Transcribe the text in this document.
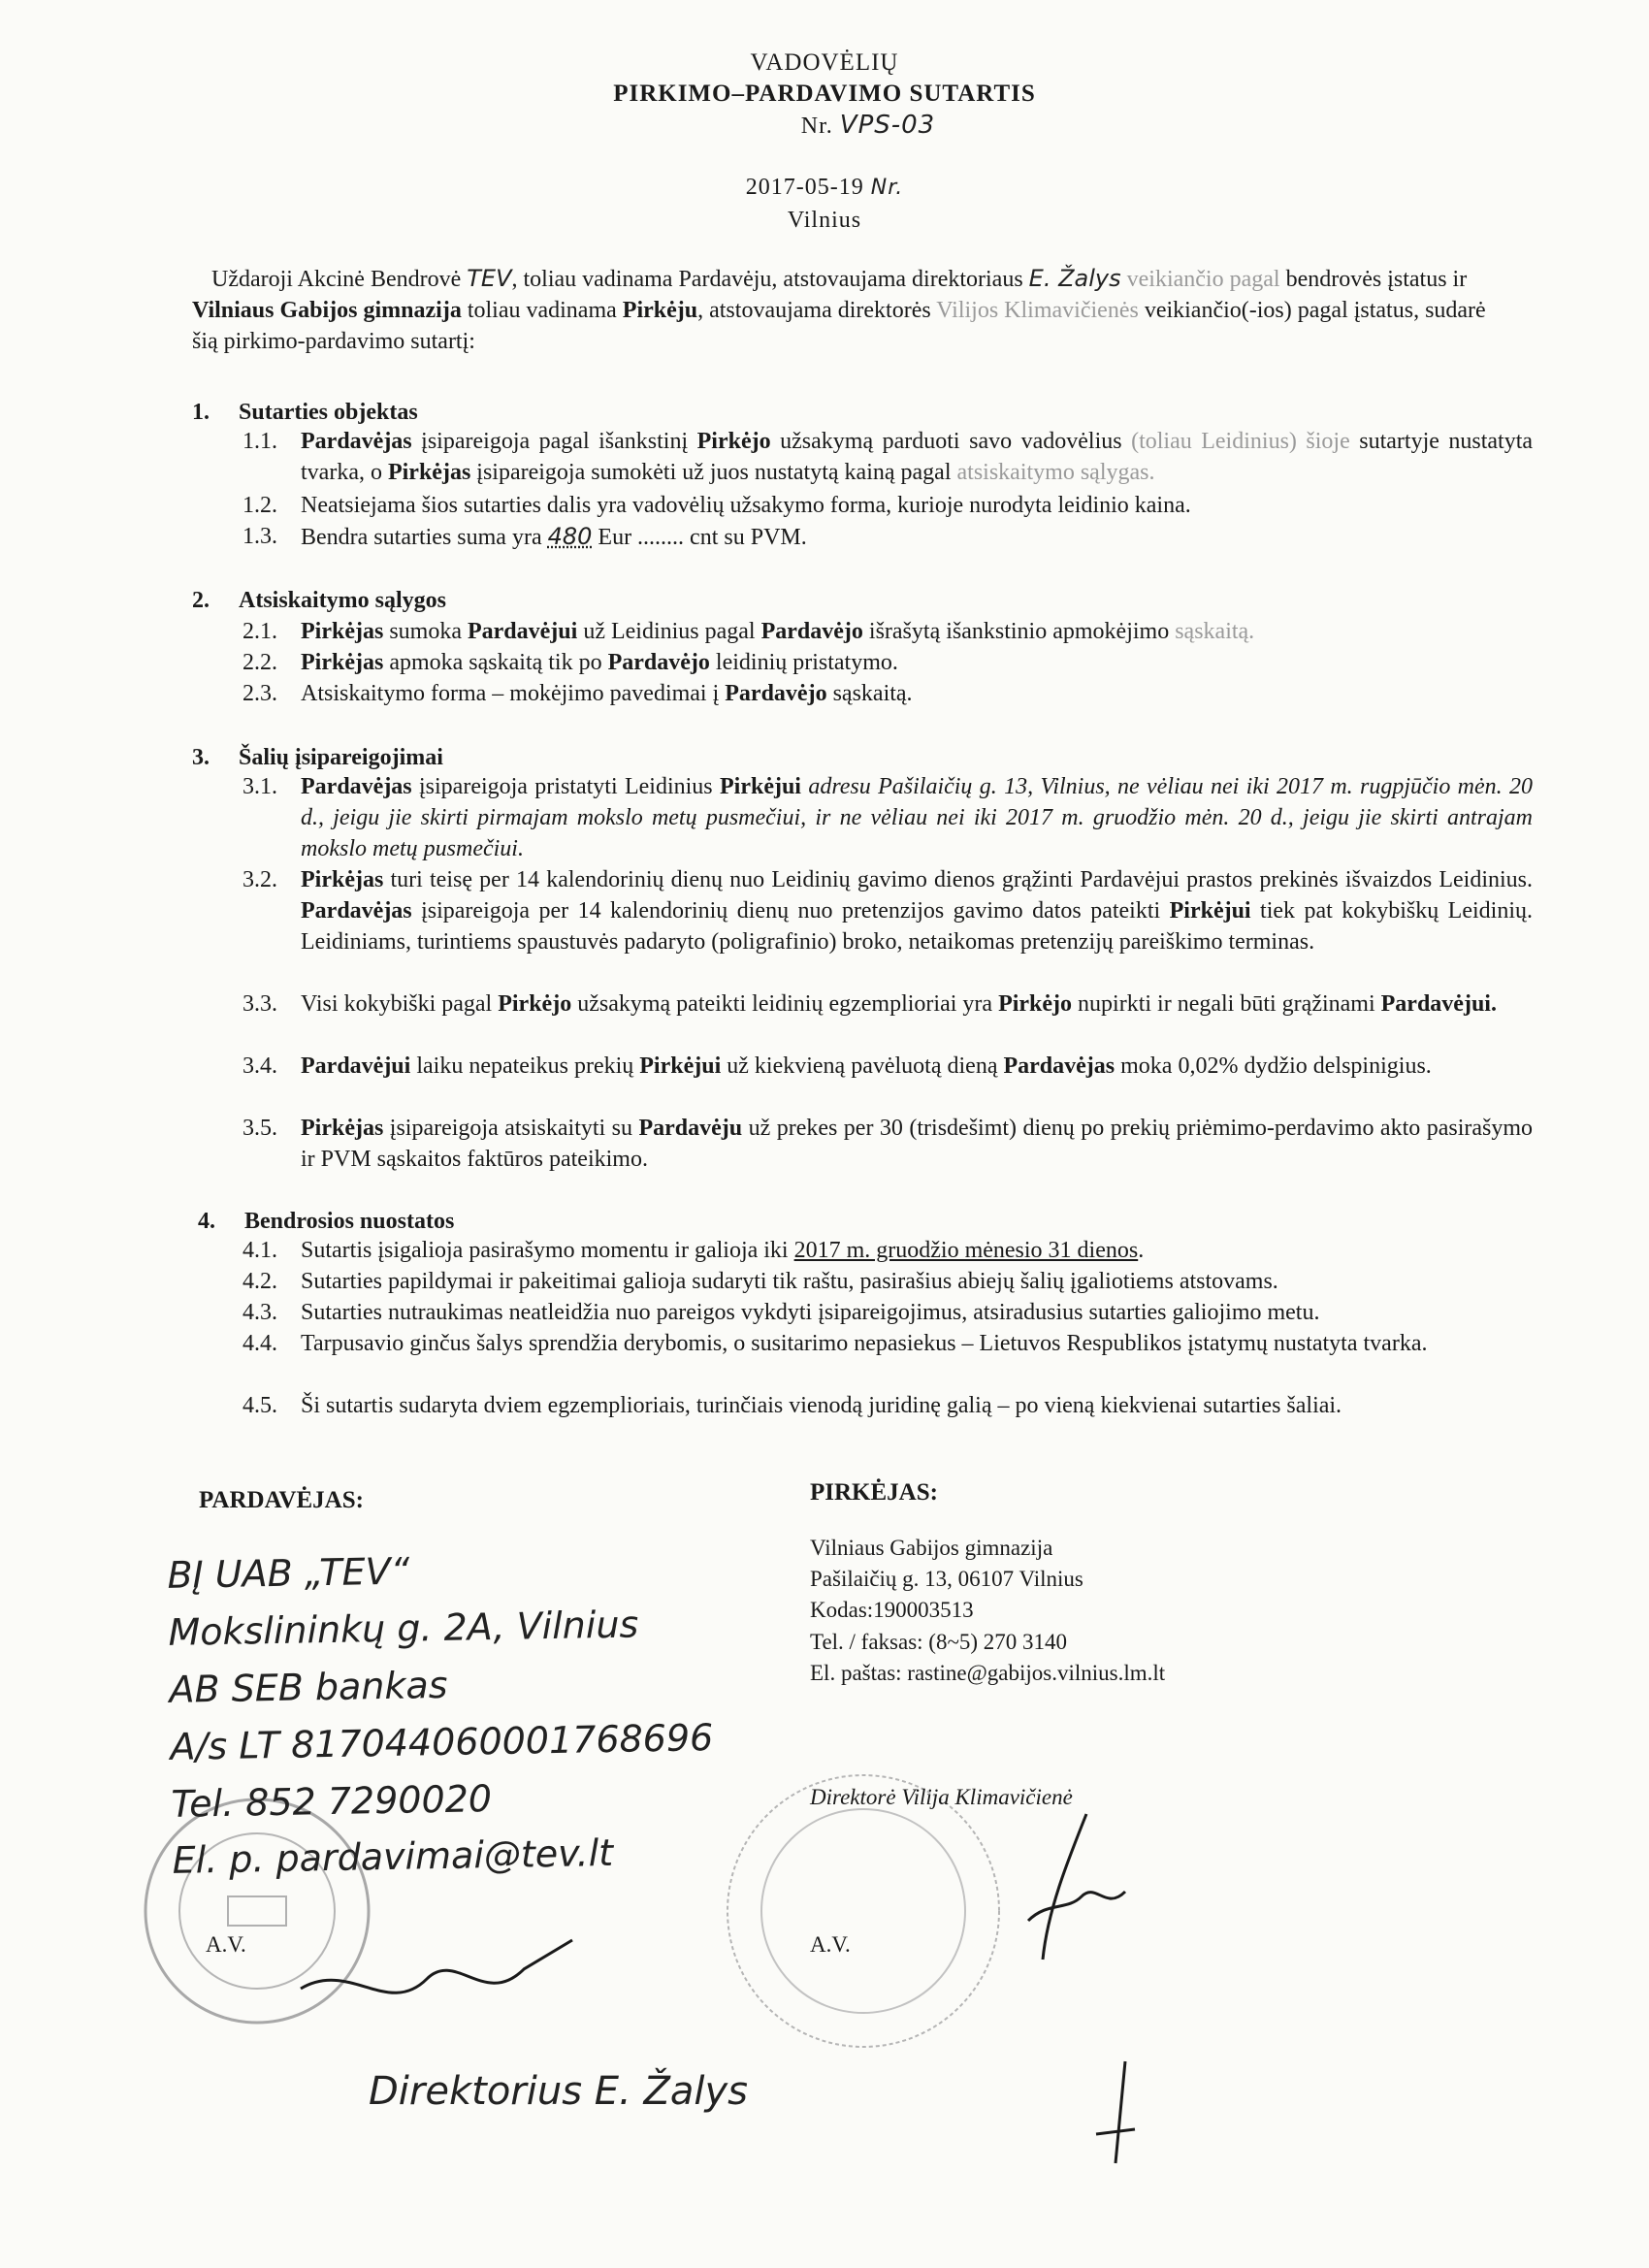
VADOVĖLIŲ
PIRKIMO–PARDAVIMO SUTARTIS
Nr. VPS-03
2017-05-19 Nr.
Vilnius
Uždaroji Akcinė Bendrovė TEV, toliau vadinama Pardavėju, atstovaujama direktoriaus E. Žalys veikiančio pagal bendrovės įstatus ir Vilniaus Gabijos gimnazija toliau vadinama Pirkėju, atstovaujama direktorės Vilijos Klimavičienės veikiančio(-ios) pagal įstatus, sudarė šią pirkimo-pardavimo sutartį:
1. Sutarties objektas
1.1.	Pardavėjas įsipareigoja pagal išankstinį Pirkėjo užsakymą parduoti savo vadovėlius (toliau Leidinius) šioje sutartyje nustatyta tvarka, o Pirkėjas įsipareigoja sumokėti už juos nustatytą kainą pagal atsiskaitymo sąlygas.
1.2.	Neatsiejama šios sutarties dalis yra vadovėlių užsakymo forma, kurioje nurodyta leidinio kaina.
1.3.	Bendra sutarties suma yra 480 Eur ........ cnt su PVM.
2. Atsiskaitymo sąlygos
2.1.	Pirkėjas sumoka Pardavėjui už Leidinius pagal Pardavėjo išrašytą išankstinio apmokėjimo sąskaitą.
2.2.	Pirkėjas apmoka sąskaitą tik po Pardavėjo leidinių pristatymo.
2.3.	Atsiskaitymo forma – mokėjimo pavedimai į Pardavėjo sąskaitą.
3. Šalių įsipareigojimai
3.1.	Pardavėjas įsipareigoja pristatyti Leidinius Pirkėjui adresu Pašilaičių g. 13, Vilnius, ne vėliau nei iki 2017 m. rugpjūčio mėn. 20 d., jeigu jie skirti pirmajam mokslo metų pusmečiui, ir ne vėliau nei iki 2017 m. gruodžio mėn. 20 d., jeigu jie skirti antrajam mokslo metų pusmečiui.
3.2.	Pirkėjas turi teisę per 14 kalendorinių dienų nuo Leidinių gavimo dienos grąžinti Pardavėjui prastos prekinės išvaizdos Leidinius. Pardavėjas įsipareigoja per 14 kalendorinių dienų nuo pretenzijos gavimo datos pateikti Pirkėjui tiek pat kokybiškų Leidinių. Leidiniams, turintiems spaustuvės padaryto (poligrafinio) broko, netaikomas pretenzijų pareiškimo terminas.
3.3.	Visi kokybiški pagal Pirkėjo užsakymą pateikti leidinių egzemplioriai yra Pirkėjo nupirkti ir negali būti grąžinami Pardavėjui.
3.4.	Pardavėjui laiku nepateikus prekių Pirkėjui už kiekvieną pavėluotą dieną Pardavėjas moka 0,02% dydžio delspinigius.
3.5.	Pirkėjas įsipareigoja atsiskaityti su Pardavėju už prekes per 30 (trisdešimt) dienų po prekių priėmimo-perdavimo akto pasirašymo ir PVM sąskaitos faktūros pateikimo.
4. Bendrosios nuostatos
4.1.	Sutartis įsigalioja pasirašymo momentu ir galioja iki 2017 m. gruodžio mėnesio 31 dienos.
4.2.	Sutarties papildymai ir pakeitimai galioja sudaryti tik raštu, pasirašius abiejų šalių įgaliotiems atstovams.
4.3.	Sutarties nutraukimas neatleidžia nuo pareigos vykdyti įsipareigojimus, atsiradusius sutarties galiojimo metu.
4.4.	Tarpusavio ginčus šalys sprendžia derybomis, o susitarimo nepasiekus – Lietuvos Respublikos įstatymų nustatyta tvarka.
4.5.	Ši sutartis sudaryta dviem egzemplioriais, turinčiais vienodą juridinę galią – po vieną kiekvienai sutarties šaliai.
PARDAVĖJAS:	PIRKĖJAS:
BĮ UAB „TEV“
Mokslininkų g. 2A, Vilnius
AB SEB bankas
A/s LT 817044060001768696
Tel. 852 7290020
El. p. pardavimai@tev.lt
Vilniaus Gabijos gimnazija
Pašilaičių g. 13, 06107 Vilnius
Kodas:190003513
Tel. / faksas: (8~5) 270 3140
El. paštas: rastine@gabijos.vilnius.lm.lt
Direktorė Vilija Klimavičienė
A.V.	A.V.
Direktorius E. Žalys
